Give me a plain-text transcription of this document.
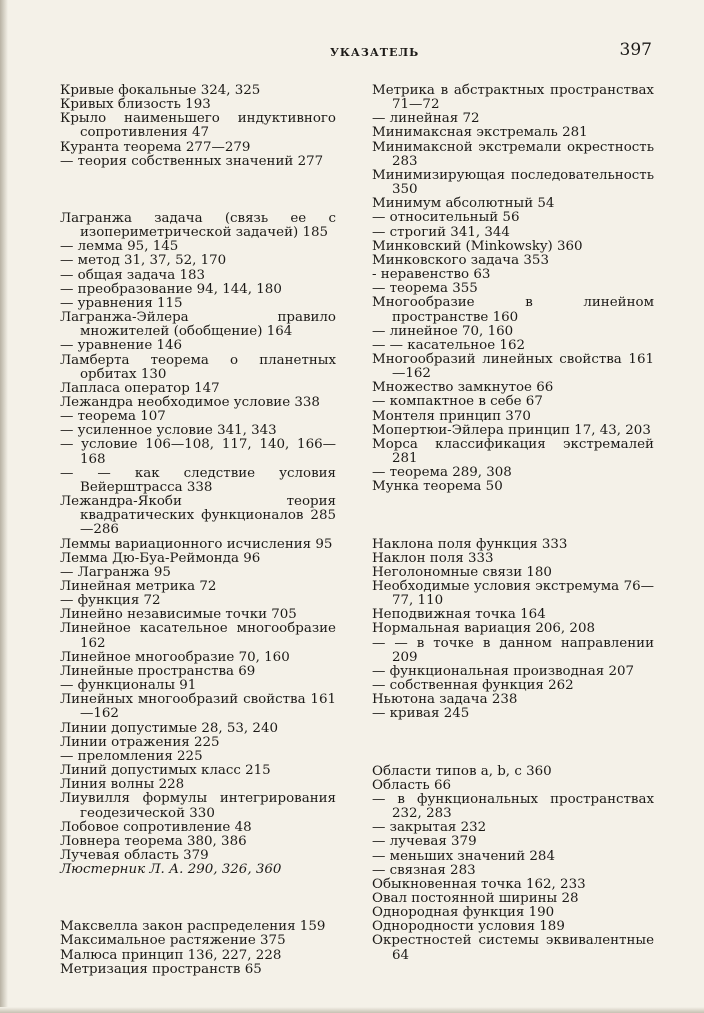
УКАЗАТЕЛЬ	397
Кривые фокальные 324, 325
Кривых близость 193
Крыло наименьшего индуктивного сопротивления 47
Куранта теорема 277—279
— теория собственных значений 277
Лагранжа задача (связь ее с изопериметрической задачей) 185
— лемма 95, 145
— метод 31, 37, 52, 170
— общая задача 183
— преобразование 94, 144, 180
— уравнения 115
Лагранжа-Эйлера правило множителей (обобщение) 164
— уравнение 146
Ламберта теорема о планетных орбитах 130
Лапласа оператор 147
Лежандра необходимое условие 338
— теорема 107
— усиленное условие 341, 343
— условие 106—108, 117, 140, 166—168
— — как следствие условия Вейерштрасса 338
Лежандра-Якоби теория квадратических функционалов 285—286
Леммы вариационного исчисления 95
Лемма Дю-Буа-Реймонда 96
— Лагранжа 95
Линейная метрика 72
— функция 72
Линейно независимые точки 705
Линейное касательное многообразие 162
Линейное многообразие 70, 160
Линейные пространства 69
— функционалы 91
Линейных многообразий свойства 161—162
Линии допустимые 28, 53, 240
Линии отражения 225
— преломления 225
Линий допустимых класс 215
Линия волны 228
Лиувилля формулы интегрирования геодезической 330
Лобовое сопротивление 48
Ловнера теорема 380, 386
Лучевая область 379
Люстерник Л. А. 290, 326, 360
Максвелла закон распределения 159
Максимальное растяжение 375
Малюса принцип 136, 227, 228
Метризация пространств 65
Метрика в абстрактных пространствах 71—72
— линейная 72
Минимаксная экстремаль 281
Минимаксной экстремали окрестность 283
Минимизирующая последовательность 350
Минимум абсолютный 54
— относительный 56
— строгий 341, 344
Минковский (Minkowsky) 360
Минковского задача 353
- неравенство 63
— теорема 355
Многообразие в линейном пространстве 160
— линейное 70, 160
— — касательное 162
Многообразий линейных свойства 161—162
Множество замкнутое 66
— компактное в себе 67
Монтеля принцип 370
Мопертюи-Эйлера принцип 17, 43, 203
Морса классификация экстремалей 281
— теорема 289, 308
Мунка теорема 50
Наклона поля функция 333
Наклон поля 333
Неголономные связи 180
Необходимые условия экстремума 76—77, 110
Неподвижная точка 164
Нормальная вариация 206, 208
— — в точке в данном направлении 209
— функциональная производная 207
— собственная функция 262
Ньютона задача 238
— кривая 245
Области типов a, b, c 360
Область 66
— в функциональных пространствах 232, 283
— закрытая 232
— лучевая 379
— меньших значений 284
— связная 283
Обыкновенная точка 162, 233
Овал постоянной ширины 28
Однородная функция 190
Однородности условия 189
Окрестностей системы эквивалентные 64
